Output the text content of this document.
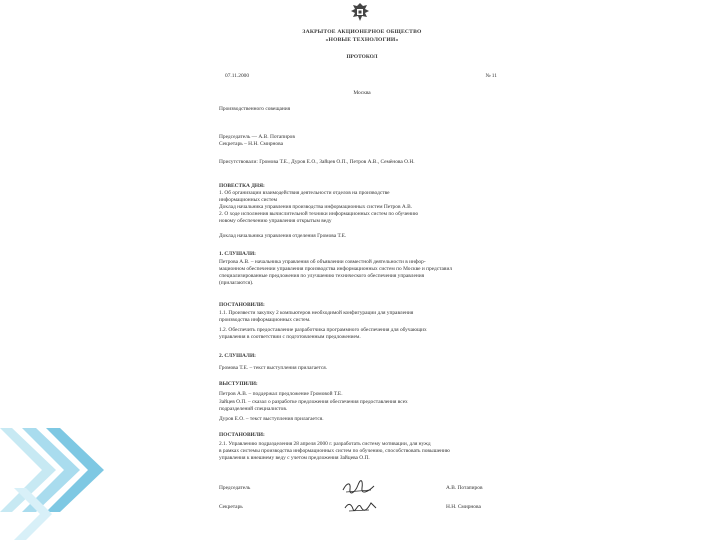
ЗАКРЫТОЕ АКЦИОНЕРНОЕ ОБЩЕСТВО
«НОВЫЕ ТЕХНОЛОГИИ»
ПРОТОКОЛ
07.11.2000	№ 11
Москва
Производственного совещания
Председатель — А.В. Потапиров
Секретарь – Н.Н. Смирнова
Присутствовали: Громова Т.Е., Дуров Е.О., Зайцев О.П., Петров А.В., Семёнова О.Н.
ПОВЕСТКА ДНЯ:
1. Об организации взаимодействия деятельности отделов на производстве
информационных систем
Доклад начальника управления производства информационных систем Петров А.В.
2. О ходе исполнения вычислительной техники информационных систем по обучению
новому обеспечению управления открытым веду
Доклад начальника управления отделения Громова Т.Е.
1. СЛУШАЛИ:
Петрова А.В. – начальника управления об объявлении совместной деятельности в инфор-
мационном обеспечении управления производства информационных систем по Москве и представил
специализированные предложения по улучшению технического обеспечения управления
(прилагаются).
ПОСТАНОВИЛИ:
1.1. Произвести закупку 2 компьютеров необходимой конфигурации для управления
производства информационных систем.
1.2. Обеспечить предоставление разработчика программного обеспечения для обучающих
управления в соответствии с подготовленным предложением.
2. СЛУШАЛИ:
Громова Т.Е. – текст выступления прилагается.
ВЫСТУПИЛИ:
Петров А.В. – поддержал предложение Громовой Т.Е.
Зайцев О.П. – сказал о разработке предложения обеспечения предоставления всех
подразделений специалистов.
Дуров Е.О. – текст выступления прилагается.
ПОСТАНОВИЛИ:
2.1. Управлению подразделения 28 апреля 2000 г. разработать систему мотивации, для нужд
в рамках системы производства информационных систем по обучению, способствовать повышению
управления к внешнему веду с учетом предложения Зайцева О.П.
Председатель	А.В. Потапиров
Секретарь	Н.Н. Смирнова
